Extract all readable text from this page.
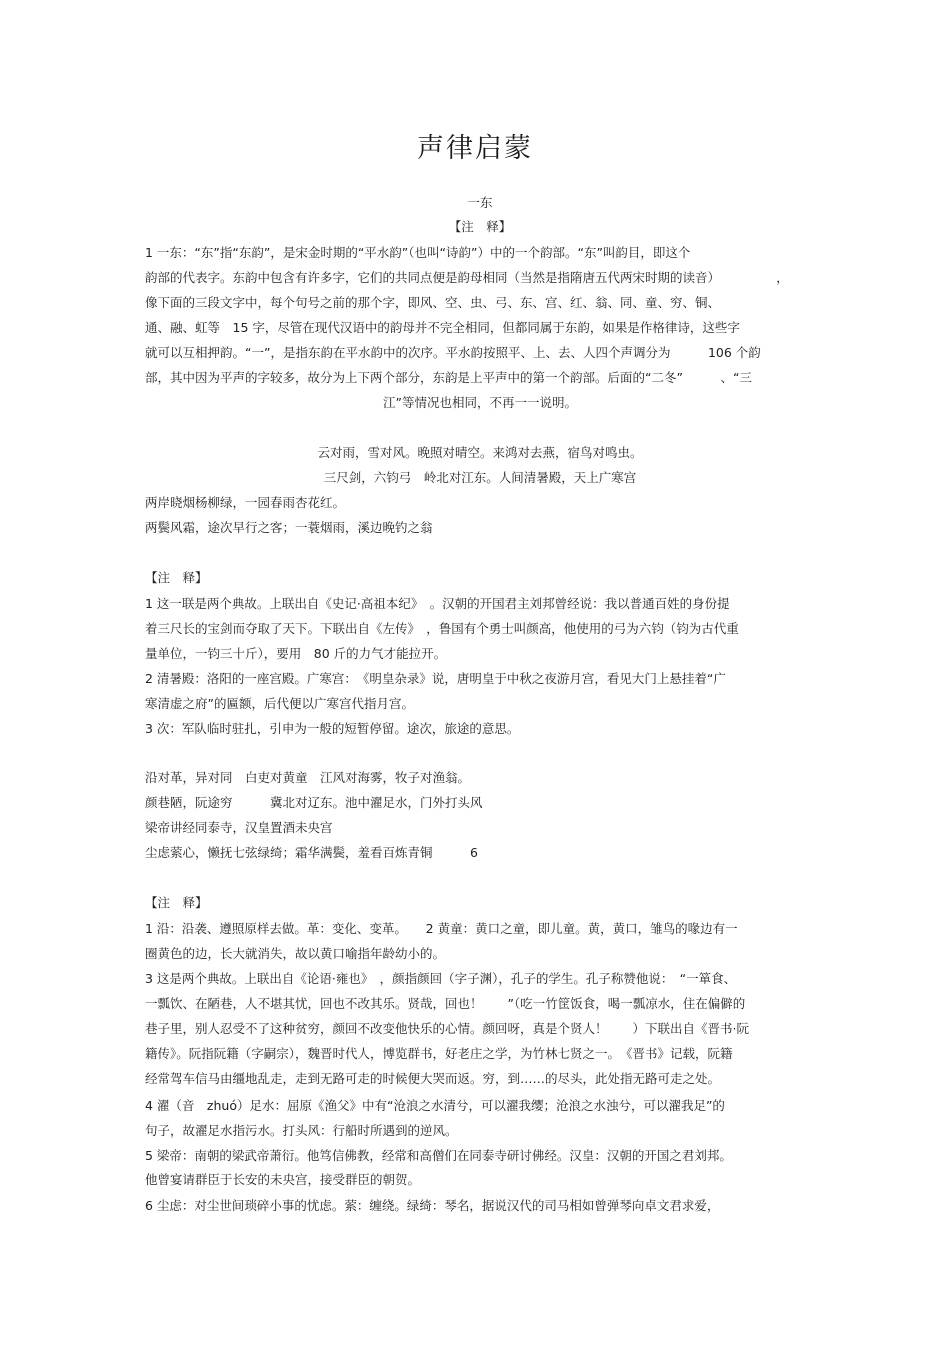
声律启蒙
一东
【注　释】
1 一东：“东”指“东韵”，是宋金时期的“平水韵”（也叫“诗韵”）中的一个韵部。“东”叫韵目，即这个
韵部的代表字。东韵中包含有许多字，它们的共同点便是韵母相同（当然是指隋唐五代两宋时期的读音）　　　　　，
像下面的三段文字中，每个句号之前的那个字，即风、空、虫、弓、东、宫、红、翁、同、童、穷、铜、
通、融、虹等　15 字，尽管在现代汉语中的韵母并不完全相同，但都同属于东韵，如果是作格律诗，这些字
就可以互相押韵。“一”，是指东韵在平水韵中的次序。平水韵按照平、上、去、人四个声调分为　　　106 个韵
部，其中因为平声的字较多，故分为上下两个部分，东韵是上平声中的第一个韵部。后面的“二冬”　　　、“三
江”等情况也相同，不再一一说明。
云对雨，雪对风。晚照对晴空。来鸿对去燕，宿鸟对鸣虫。
三尺剑，六钧弓　岭北对江东。人间清暑殿，天上广寒宫
两岸晓烟杨柳绿，一园春雨杏花红。
两鬓风霜，途次早行之客；一蓑烟雨，溪边晚钓之翁
【注　释】
1 这一联是两个典故。上联出自《史记·高祖本纪》　。汉朝的开国君主刘邦曾经说：我以普通百姓的身份提
着三尺长的宝剑而夺取了天下。下联出自《左传》　，鲁国有个勇士叫颜高，他使用的弓为六钧（钧为古代重
量单位，一钧三十斤），要用　80 斤的力气才能拉开。
2 清暑殿：洛阳的一座宫殿。广寒宫：　《明皇杂录》说，唐明皇于中秋之夜游月宫，看见大门上悬挂着“广
寒清虚之府”的匾额，后代便以广寒宫代指月宫。
3 次：军队临时驻扎，引申为一般的短暂停留。途次，旅途的意思。
沿对革，异对同　白吏对黄童　江风对海雾，牧子对渔翁。
颜巷陋，阮途穷　　　冀北对辽东。池中濯足水，门外打头风
梁帝讲经同泰寺，汉皇置酒未央宫
尘虑萦心，懒抚七弦绿绮；霜华满鬓，羞看百炼青铜　　　6
【注　释】
1 沿：沿袭、遵照原样去做。革：变化、变革。　　2 黄童：黄口之童，即儿童。黄，黄口，雏鸟的喙边有一
圈黄色的边，长大就消失，故以黄口喻指年龄幼小的。
3 这是两个典故。上联出自《论语·雍也》　，颜指颜回（字子渊），孔子的学生。孔子称赞他说：　“一箪食、
一瓢饮、在陋巷，人不堪其忧，回也不改其乐。贤哉，回也！　　”（吃一竹筐饭食，喝一瓢凉水，住在偏僻的
巷子里，别人忍受不了这种贫穷，颜回不改变他快乐的心情。颜回呀，真是个贤人！　　）下联出自《晋书·阮
籍传》。阮指阮籍（字嗣宗），魏晋时代人，博览群书，好老庄之学，为竹林七贤之一。　《晋书》记载，阮籍
经常驾车信马由缰地乱走，走到无路可走的时候便大哭而返。穷，到……的尽头，此处指无路可走之处。
4 濯（音　zhuó）足水：屈原《渔父》中有“沧浪之水清兮，可以濯我缨；沧浪之水浊兮，可以濯我足”的
句子，故濯足水指污水。打头风：行船时所遇到的逆风。
5 梁帝：南朝的梁武帝萧衍。他笃信佛教，经常和高僧们在同泰寺研讨佛经。汉皇：汉朝的开国之君刘邦。
他曾宴请群臣于长安的未央宫，接受群臣的朝贺。
6 尘虑：对尘世间琐碎小事的忧虑。萦：缠绕。绿绮：琴名，据说汉代的司马相如曾弹琴向卓文君求爱，
